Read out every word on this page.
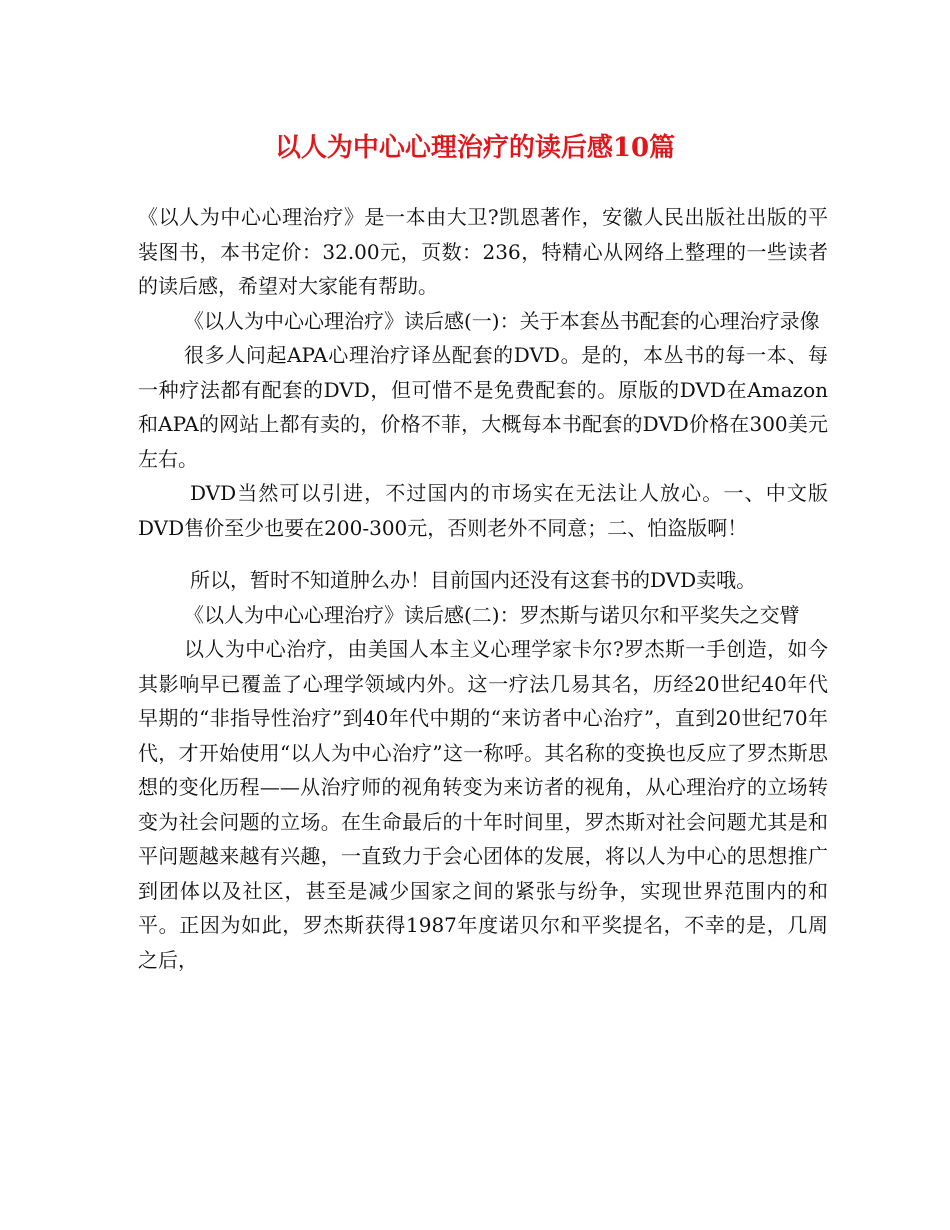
以人为中心心理治疗的读后感10篇

《以人为中心心理治疗》是一本由大卫?凯恩著作，安徽人民出版社出版的平装图书，本书定价：32.00元，页数：236，特精心从网络上整理的一些读者的读后感，希望对大家能有帮助。

《以人为中心心理治疗》读后感(一)：关于本套丛书配套的心理治疗录像

很多人问起APA心理治疗译丛配套的DVD。是的，本丛书的每一本、每一种疗法都有配套的DVD，但可惜不是免费配套的。原版的DVD在Amazon和APA的网站上都有卖的，价格不菲，大概每本书配套的DVD价格在300美元左右。

DVD当然可以引进，不过国内的市场实在无法让人放心。一、中文版DVD售价至少也要在200-300元，否则老外不同意；二、怕盗版啊！

所以，暂时不知道肿么办！目前国内还没有这套书的DVD卖哦。

《以人为中心心理治疗》读后感(二)：罗杰斯与诺贝尔和平奖失之交臂

以人为中心治疗，由美国人本主义心理学家卡尔?罗杰斯一手创造，如今其影响早已覆盖了心理学领域内外。这一疗法几易其名，历经20世纪40年代早期的“非指导性治疗”到40年代中期的“来访者中心治疗”，直到20世纪70年代，才开始使用“以人为中心治疗”这一称呼。其名称的变换也反应了罗杰斯思想的变化历程——从治疗师的视角转变为来访者的视角，从心理治疗的立场转变为社会问题的立场。在生命最后的十年时间里，罗杰斯对社会问题尤其是和平问题越来越有兴趣，一直致力于会心团体的发展，将以人为中心的思想推广到团体以及社区，甚至是减少国家之间的紧张与纷争，实现世界范围内的和平。正因为如此，罗杰斯获得1987年度诺贝尔和平奖提名，不幸的是，几周之后，
